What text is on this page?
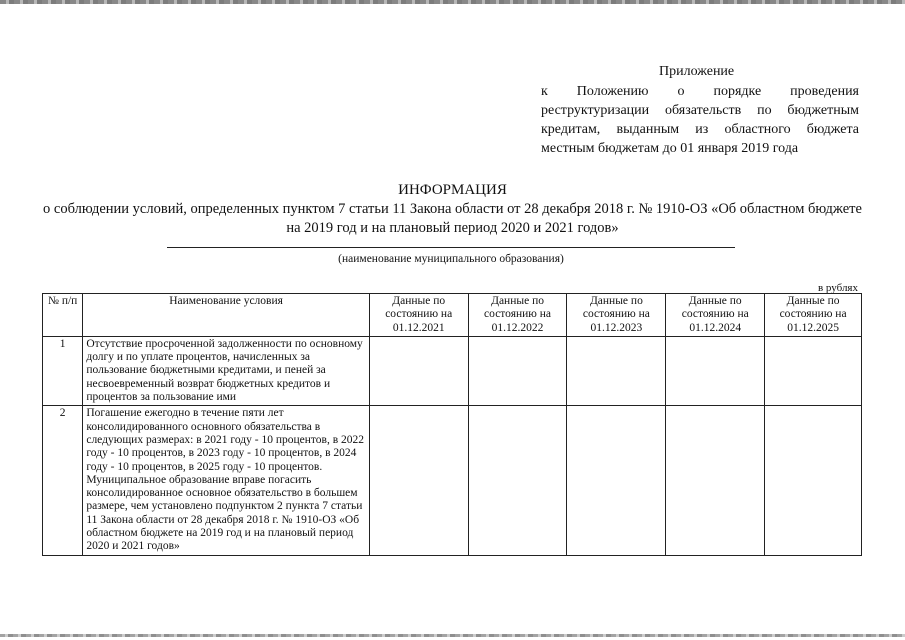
Приложение
к Положению о порядке проведения реструктуризации обязательств по бюджетным кредитам, выданным из областного бюджета местным бюджетам до 01 января 2019 года
ИНФОРМАЦИЯ
о соблюдении условий, определенных пунктом 7 статьи 11 Закона области от 28 декабря 2018 г. № 1910-ОЗ «Об областном бюджете на 2019 год и на плановый период 2020 и 2021 годов»
(наименование муниципального образования)
в рублях
№ п/п	Наименование условия	Данные по состоянию на 01.12.2021	Данные по состоянию на 01.12.2022	Данные по состоянию на 01.12.2023	Данные по состоянию на 01.12.2024	Данные по состоянию на 01.12.2025
1	Отсутствие просроченной задолженности по основному долгу и по уплате процентов, начисленных за пользование бюджетными кредитами, и пеней за несвоевременный возврат бюджетных кредитов и процентов за пользование ими					
2	Погашение ежегодно в течение пяти лет консолидированного основного обязательства в следующих размерах: в 2021 году - 10 процентов, в 2022 году - 10 процентов, в 2023 году - 10 процентов, в 2024 году - 10 процентов, в 2025 году - 10 процентов. Муниципальное образование вправе погасить консолидированное основное обязательство в большем размере, чем установлено подпунктом 2 пункта 7 статьи 11 Закона области от 28 декабря 2018 г. № 1910-ОЗ «Об областном бюджете на 2019 год и на плановый период 2020 и 2021 годов»					
